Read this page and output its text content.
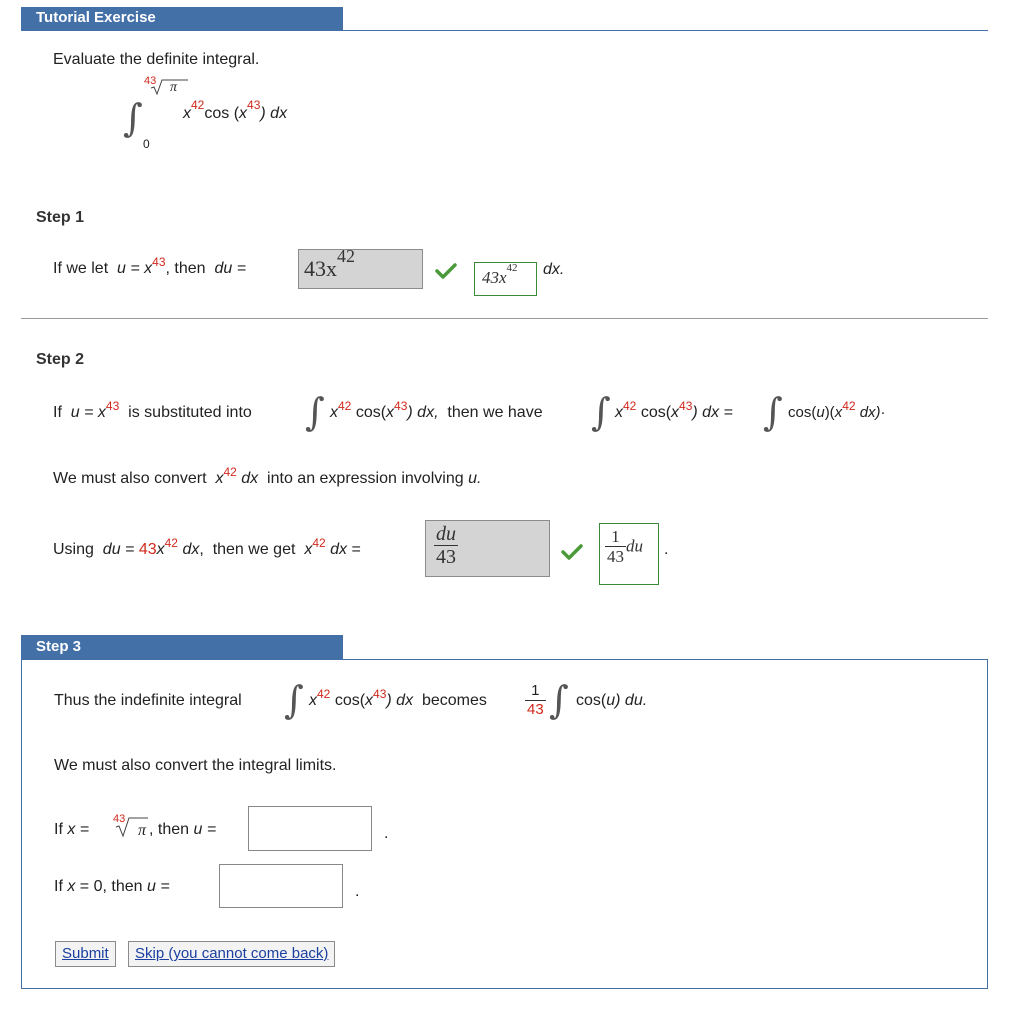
Tutorial Exercise
Evaluate the definite integral.
43 π
∫
0
$x^{42}\cos$ $(x^{43})$ dx
Step 1
If we let $u = x^{43}$, then du =	$43x^{42}$
$43x^{42}$	dx.
Step 2
If $u = x^{43}$ is substituted into ∫ $x^{42}$ $\cos(x^{43})$ dx, then we have ∫ $x^{42}$ $\cos(x^{43})$ dx = ∫ $\cos(u)(x^{42}$ dx)·
We must also convert $x^{42}$ dx into an expression involving u.
Using du = $43x^{42}$ dx,  then we get $x^{42}$ dx =	$\frac{du}{43}$	$\frac{1}{43}$ du	.
Step 3
Thus the indefinite integral ∫ $x^{42}$ $\cos(x^{43})$ dx becomes	$\frac{1}{43}$ ∫ cos(u) du.
We must also convert the integral limits.
If x =
43
π , then u =	.
If x = 0, then u =	.
Submit	Skip (you cannot come back)
